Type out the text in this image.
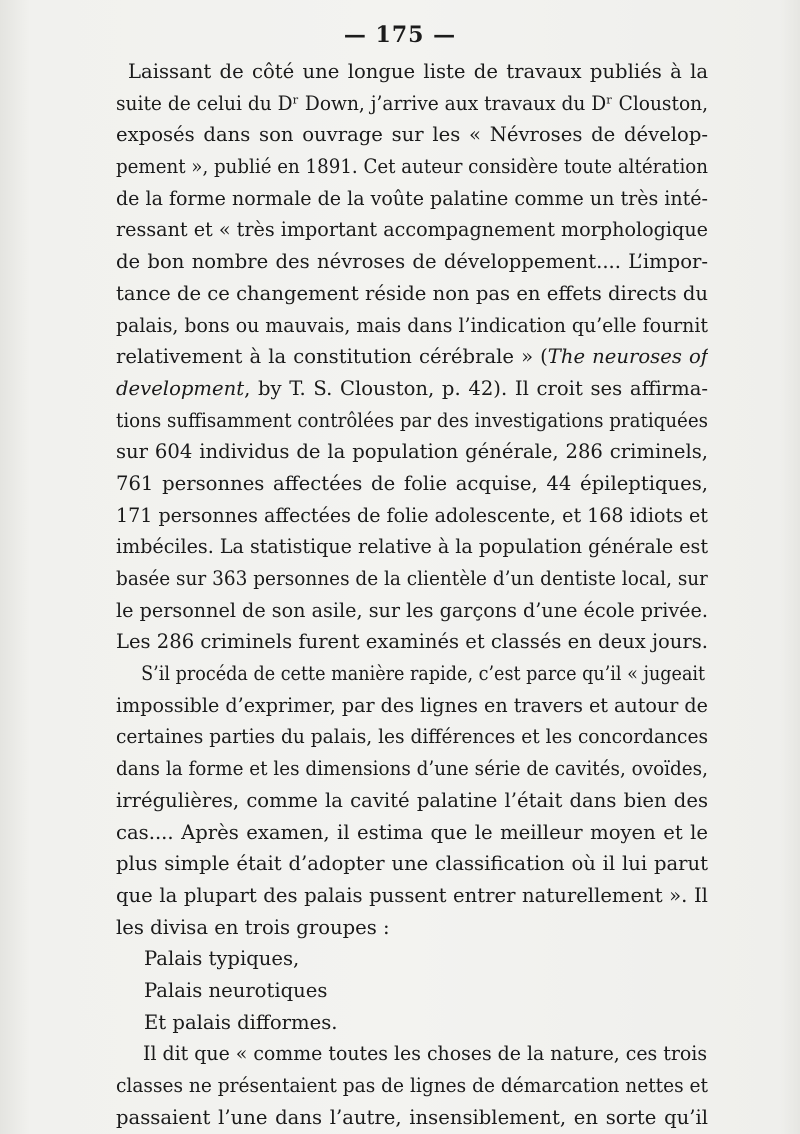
— 175 —
Laissant de côté une longue liste de travaux publiés à la
suite de celui du Dʳ Down, j’arrive aux travaux du Dʳ Clouston,
exposés dans son ouvrage sur les « Névroses de dévelop-
pement », publié en 1891. Cet auteur considère toute altération
de la forme normale de la voûte palatine comme un très inté-
ressant et « très important accompagnement morphologique
de bon nombre des névroses de développement.... L’impor-
tance de ce changement réside non pas en effets directs du
palais, bons ou mauvais, mais dans l’indication qu’elle fournit
relativement à la constitution cérébrale » (The neuroses of
development, by T. S. Clouston, p. 42). Il croit ses affirma-
tions suffisamment contrôlées par des investigations pratiquées
sur 604 individus de la population générale, 286 criminels,
761 personnes affectées de folie acquise, 44 épileptiques,
171 personnes affectées de folie adolescente, et 168 idiots et
imbéciles. La statistique relative à la population générale est
basée sur 363 personnes de la clientèle d’un dentiste local, sur
le personnel de son asile, sur les garçons d’une école privée.
Les 286 criminels furent examinés et classés en deux jours.
S’il procéda de cette manière rapide, c’est parce qu’il « jugeait
impossible d’exprimer, par des lignes en travers et autour de
certaines parties du palais, les différences et les concordances
dans la forme et les dimensions d’une série de cavités, ovoïdes,
irrégulières, comme la cavité palatine l’était dans bien des
cas.... Après examen, il estima que le meilleur moyen et le
plus simple était d’adopter une classification où il lui parut
que la plupart des palais pussent entrer naturellement ». Il
les divisa en trois groupes :
Palais typiques,
Palais neurotiques
Et palais difformes.
Il dit que « comme toutes les choses de la nature, ces trois
classes ne présentaient pas de lignes de démarcation nettes et
passaient l’une dans l’autre, insensiblement, en sorte qu’il
